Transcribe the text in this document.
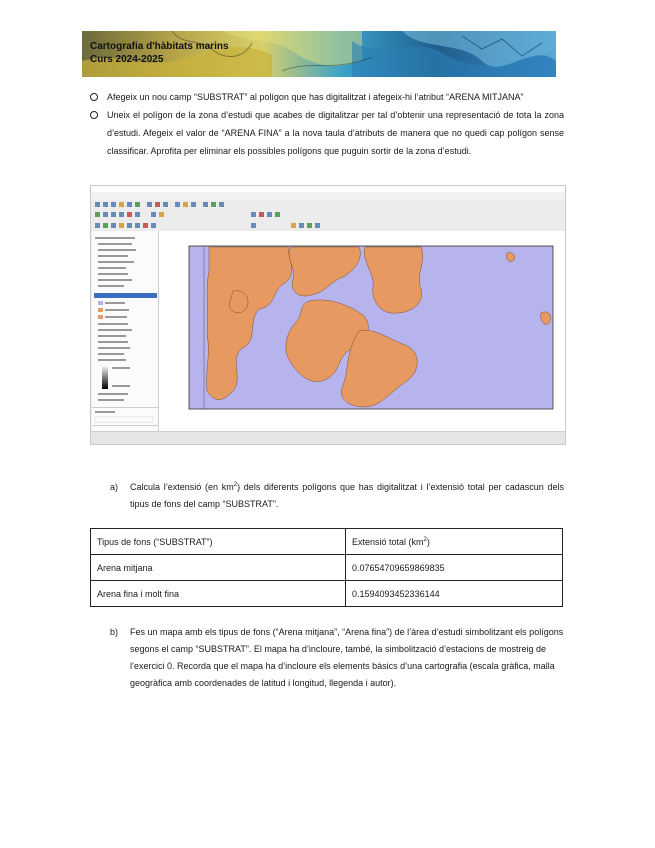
Cartografia d'hàbitats marins
Curs 2024-2025
Afegeix un nou camp “SUBSTRAT” al polígon que has digitalitzat i afegeix-hi l’atribut “ARENA MITJANA”
Uneix el polígon de la zona d’estudi que acabes de digitalitzar per tal d’obtenir una representació de tota la zona d’estudi. Afegeix el valor de “ARENA FINA” a la nova taula d’atributs de manera que no quedi cap polígon sense classificar. Aprofita per eliminar els possibles polígons que puguin sortir de la zona d’estudi.
a)	Calcula l’extensió (en $km^2$) dels diferents polígons que has digitalitzat i l’extensió total per cadascun dels tipus de fons del camp “SUBSTRAT”.
Tipus de fons (“SUBSTRAT”)	Extensió total $(km^2)$
Arena mitjana	0.07654709659869835
Arena fina i molt fina	0.1594093452336144
b)	Fes un mapa amb els tipus de fons (“Arena mitjana”, “Arena fina”) de l’àrea d’estudi simbolitzant els polígons segons el camp “SUBSTRAT”. El mapa ha d’incloure, també, la simbolització d’estacions de mostreig de l’exercici 0. Recorda que el mapa ha d’incloure els elements bàsics d’una cartografia (escala gràfica, malla geogràfica amb coordenades de latitud i longitud, llegenda i autor).
